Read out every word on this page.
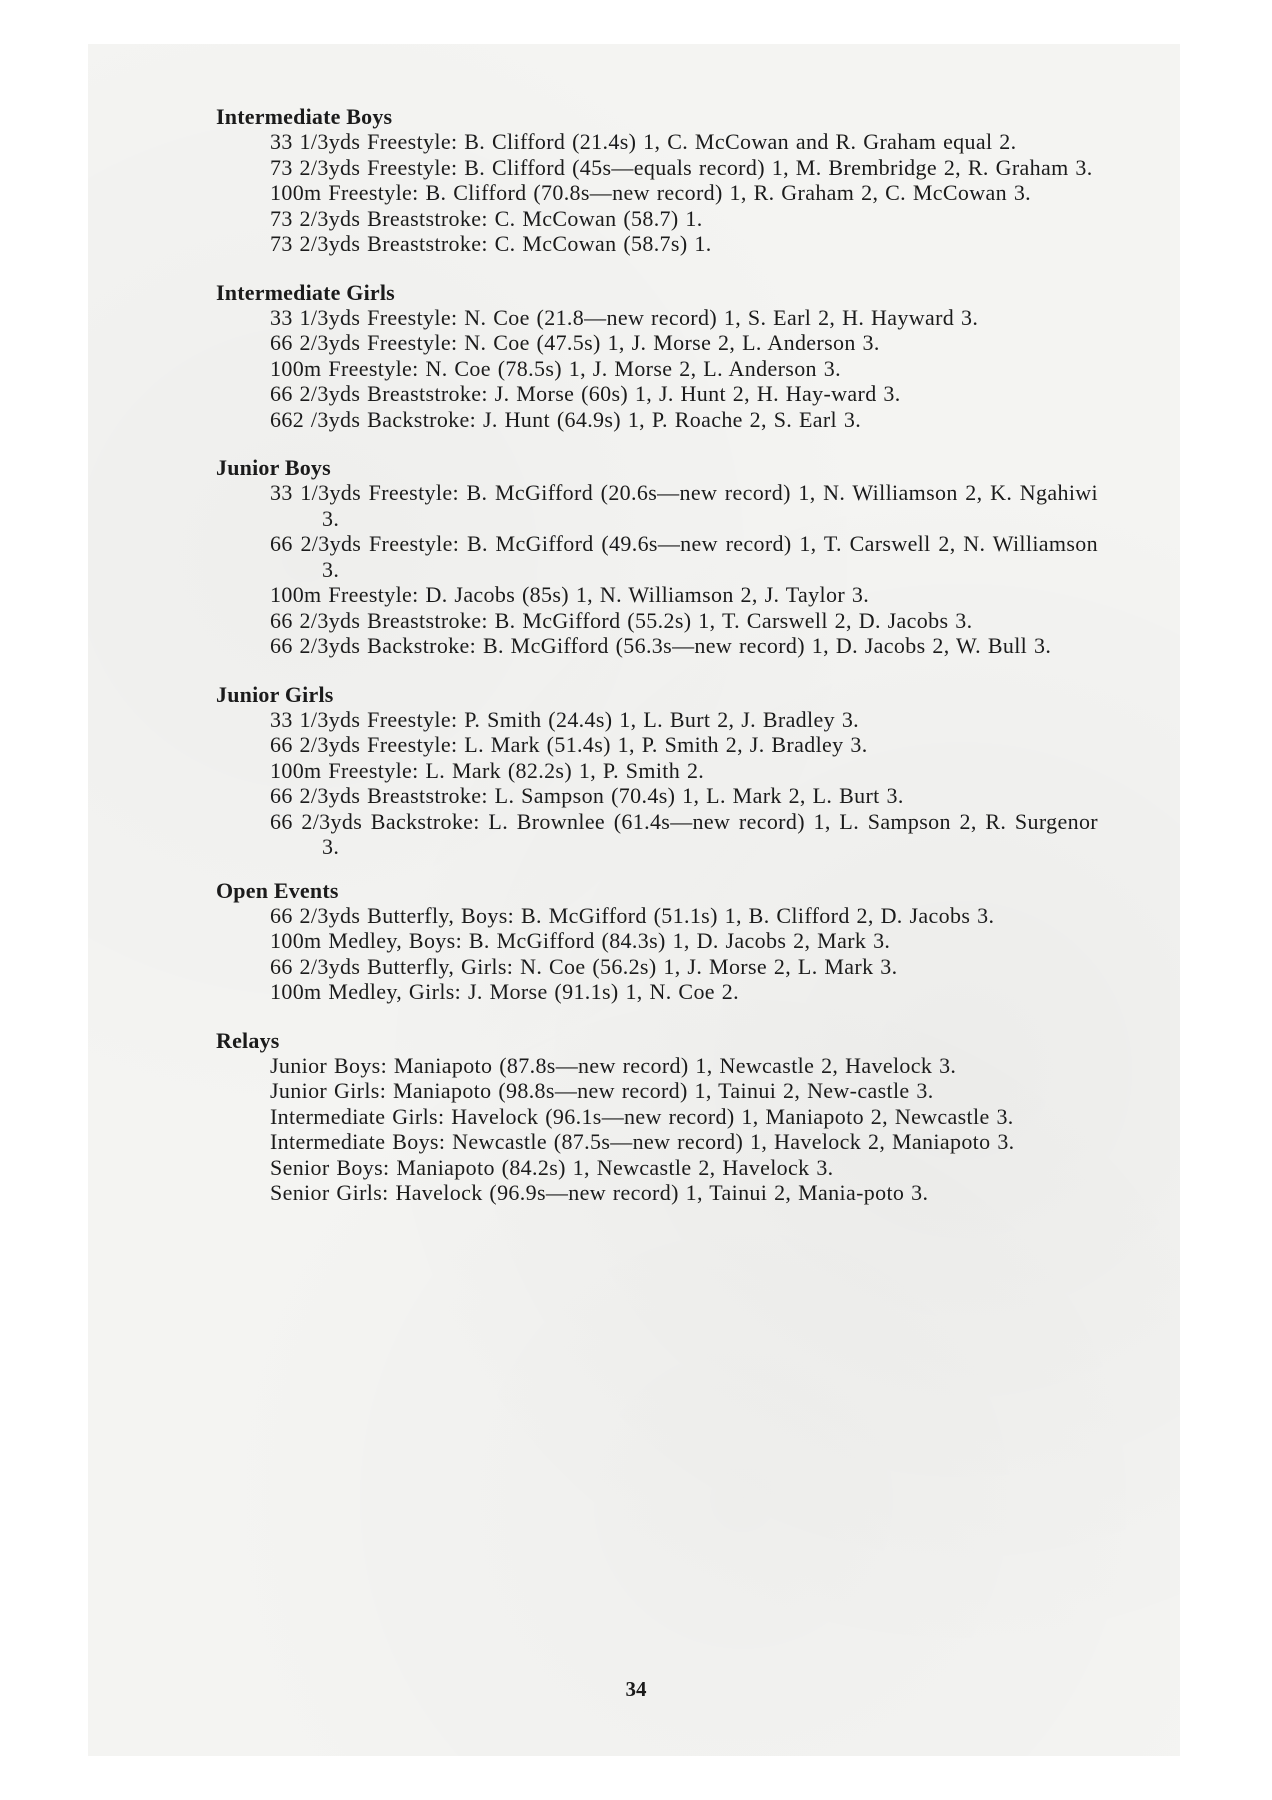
Intermediate Boys

33 1/3yds Freestyle: B. Clifford (21.4s) 1, C. McCowan and R. Graham equal 2.

73 2/3yds Freestyle: B. Clifford (45s—equals record) 1, M. Brembridge 2, R. Graham 3.

100m Freestyle: B. Clifford (70.8s—new record) 1, R. Graham 2, C. McCowan 3.

73 2/3yds Breaststroke: C. McCowan (58.7) 1.

73 2/3yds Breaststroke: C. McCowan (58.7s) 1.

Intermediate Girls

33 1/3yds Freestyle: N. Coe (21.8—new record) 1, S. Earl 2, H. Hayward 3.

66 2/3yds Freestyle: N. Coe (47.5s) 1, J. Morse 2, L. Anderson 3.

100m Freestyle: N. Coe (78.5s) 1, J. Morse 2, L. Anderson 3.

66 2/3yds Breaststroke: J. Morse (60s) 1, J. Hunt 2, H. Hay-ward 3.

662 /3yds Backstroke: J. Hunt (64.9s) 1, P. Roache 2, S. Earl 3.

Junior Boys

33 1/3yds Freestyle: B. McGifford (20.6s—new record) 1, N. Williamson 2, K. Ngahiwi 3.

66 2/3yds Freestyle: B. McGifford (49.6s—new record) 1, T. Carswell 2, N. Williamson 3.

100m Freestyle: D. Jacobs (85s) 1, N. Williamson 2, J. Taylor 3.

66 2/3yds Breaststroke: B. McGifford (55.2s) 1, T. Carswell 2, D. Jacobs 3.

66 2/3yds Backstroke: B. McGifford (56.3s—new record) 1, D. Jacobs 2, W. Bull 3.

Junior Girls

33 1/3yds Freestyle: P. Smith (24.4s) 1, L. Burt 2, J. Bradley 3.

66 2/3yds Freestyle: L. Mark (51.4s) 1, P. Smith 2, J. Bradley 3.

100m Freestyle: L. Mark (82.2s) 1, P. Smith 2.

66 2/3yds Breaststroke: L. Sampson (70.4s) 1, L. Mark 2, L. Burt 3.

66 2/3yds Backstroke: L. Brownlee (61.4s—new record) 1, L. Sampson 2, R. Surgenor 3.

Open Events

66 2/3yds Butterfly, Boys: B. McGifford (51.1s) 1, B. Clifford 2, D. Jacobs 3.

100m Medley, Boys: B. McGifford (84.3s) 1, D. Jacobs 2, Mark 3.

66 2/3yds Butterfly, Girls: N. Coe (56.2s) 1, J. Morse 2, L. Mark 3.

100m Medley, Girls: J. Morse (91.1s) 1, N. Coe 2.

Relays

Junior Boys: Maniapoto (87.8s—new record) 1, Newcastle 2, Havelock 3.

Junior Girls: Maniapoto (98.8s—new record) 1, Tainui 2, New-castle 3.

Intermediate Girls: Havelock (96.1s—new record) 1, Maniapoto 2, Newcastle 3.

Intermediate Boys: Newcastle (87.5s—new record) 1, Havelock 2, Maniapoto 3.

Senior Boys: Maniapoto (84.2s) 1, Newcastle 2, Havelock 3.

Senior Girls: Havelock (96.9s—new record) 1, Tainui 2, Mania-poto 3.

34
